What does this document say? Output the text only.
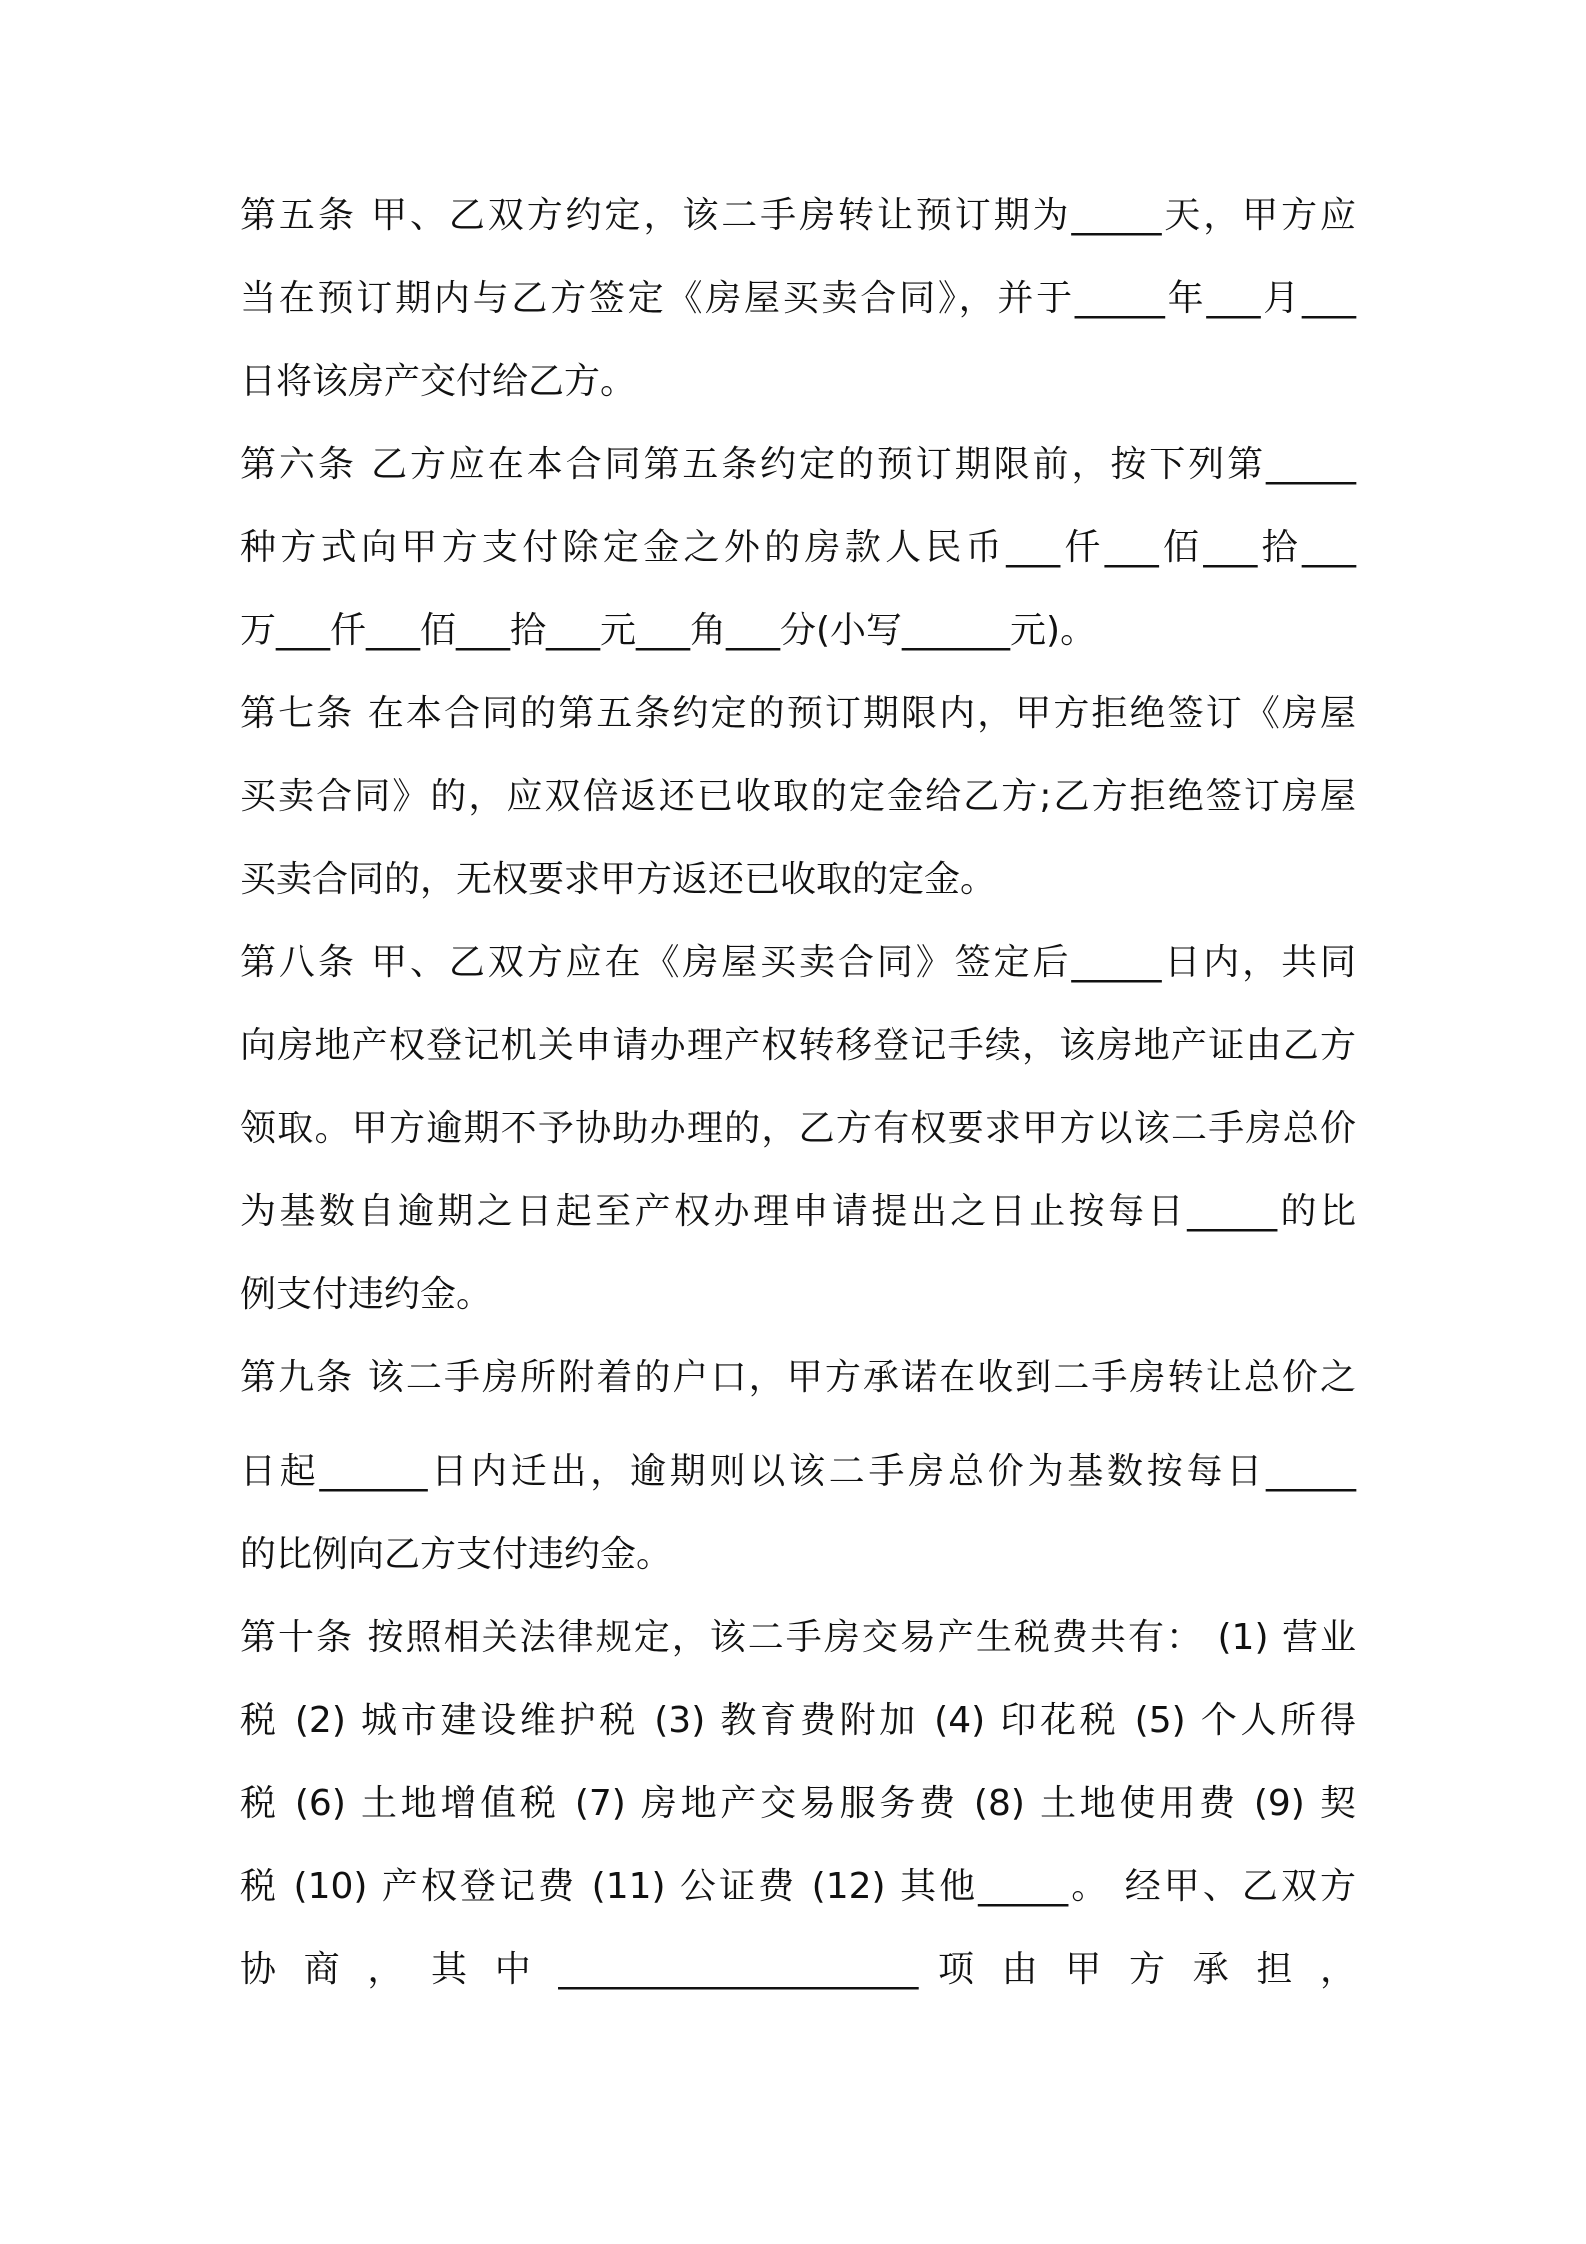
第五条 甲、乙双方约定，该二手房转让预订期为_____天，甲方应
当在预订期内与乙方签定《房屋买卖合同》，并于_____年___月___
日将该房产交付给乙方。
第六条 乙方应在本合同第五条约定的预订期限前，按下列第_____
种方式向甲方支付除定金之外的房款人民币___仟___佰___拾___
万___仟___佰___拾___元___角___分(小写______元)。
第七条 在本合同的第五条约定的预订期限内，甲方拒绝签订《房屋
买卖合同》的，应双倍返还已收取的定金给乙方;乙方拒绝签订房屋
买卖合同的，无权要求甲方返还已收取的定金。
第八条 甲、乙双方应在《房屋买卖合同》签定后_____日内，共同
向房地产权登记机关申请办理产权转移登记手续，该房地产证由乙方
领取。甲方逾期不予协助办理的，乙方有权要求甲方以该二手房总价
为基数自逾期之日起至产权办理申请提出之日止按每日_____的比
例支付违约金。
第九条 该二手房所附着的户口，甲方承诺在收到二手房转让总价之
日起______日内迁出，逾期则以该二手房总价为基数按每日_____
的比例向乙方支付违约金。
第十条 按照相关法律规定，该二手房交易产生税费共有： (1) 营业
税 (2) 城市建设维护税 (3) 教育费附加 (4) 印花税 (5) 个人所得
税 (6) 土地增值税 (7) 房地产交易服务费 (8) 土地使用费 (9) 契
税 (10) 产权登记费 (11) 公证费 (12) 其他_____。 经甲、乙双方
协 商 ， 其 中 ____________________ 项 由 甲 方 承 担 ，
